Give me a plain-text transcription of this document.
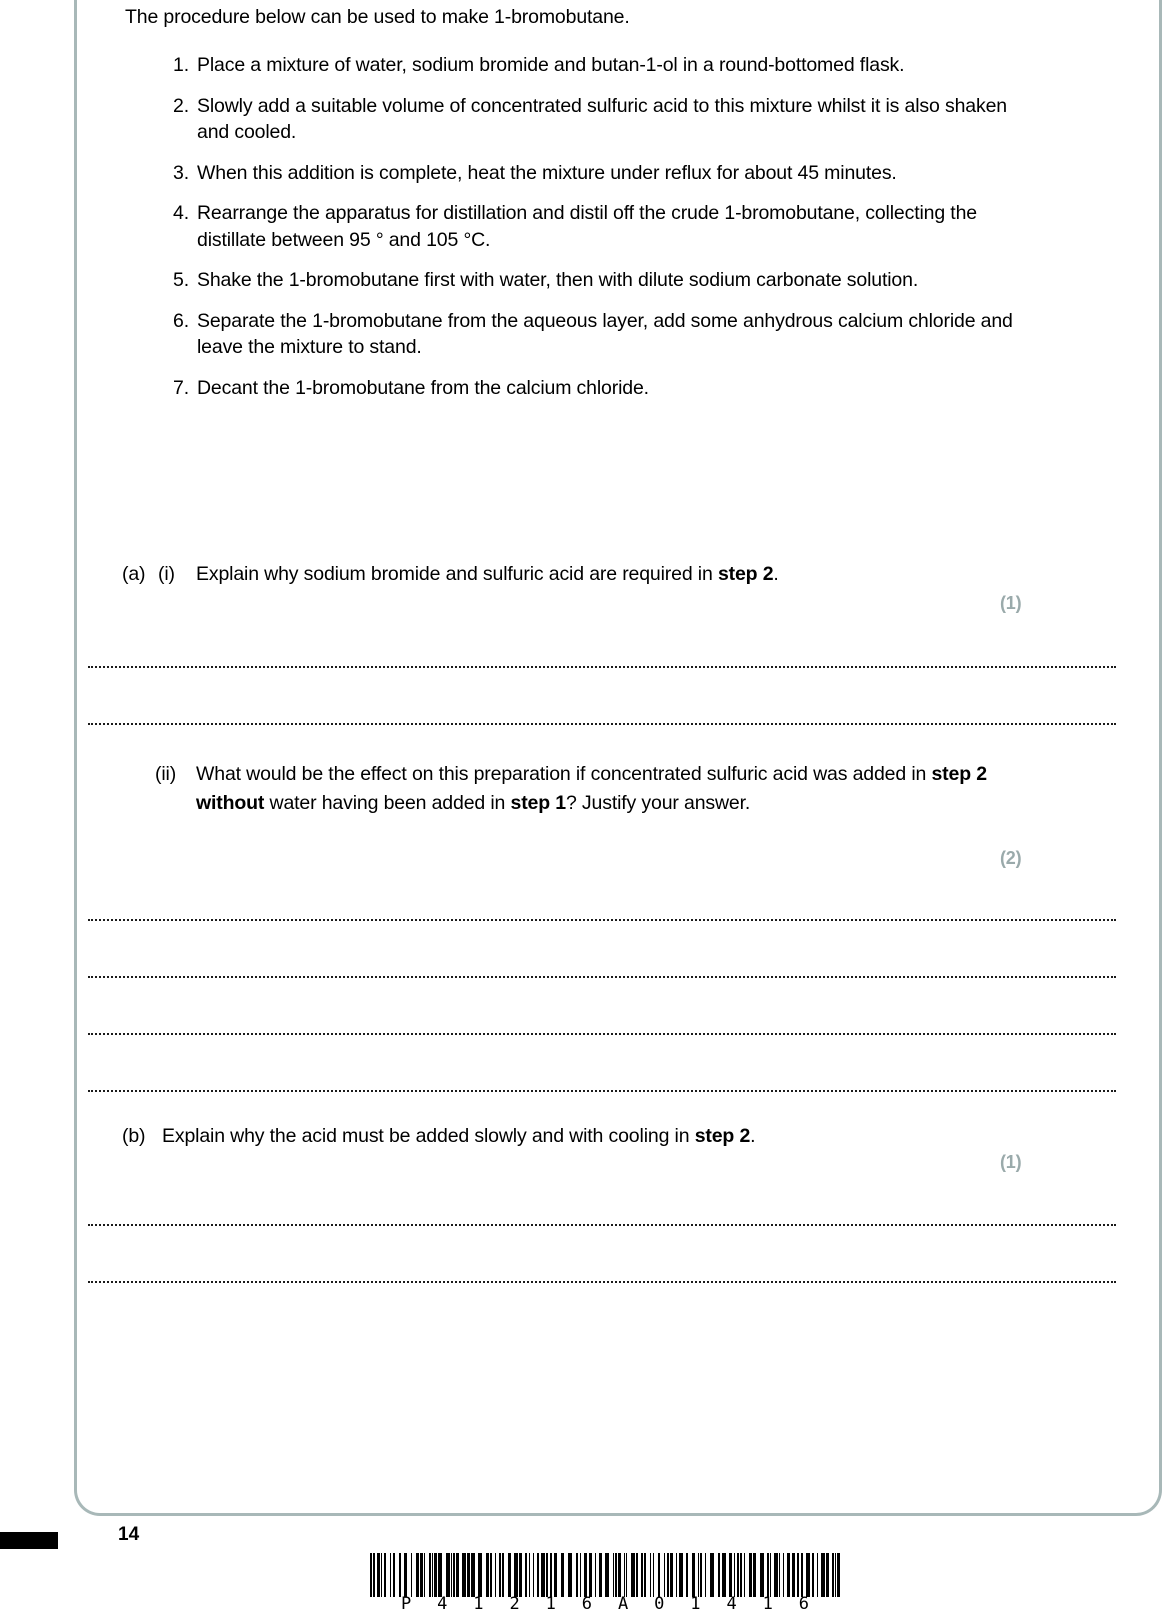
The procedure below can be used to make 1-bromobutane.
1. Place a mixture of water, sodium bromide and butan-1-ol in a round-bottomed flask.
2. Slowly add a suitable volume of concentrated sulfuric acid to this mixture whilst it is also shaken and cooled.
3. When this addition is complete, heat the mixture under reflux for about 45 minutes.
4. Rearrange the apparatus for distillation and distil off the crude 1-bromobutane, collecting the distillate between 95 ° and 105 °C.
5. Shake the 1-bromobutane first with water, then with dilute sodium carbonate solution.
6. Separate the 1-bromobutane from the aqueous layer, add some anhydrous calcium chloride and leave the mixture to stand.
7. Decant the 1-bromobutane from the calcium chloride.
(a) (i) Explain why sodium bromide and sulfuric acid are required in step 2.
(1)
(ii) What would be the effect on this preparation if concentrated sulfuric acid was added in step 2 without water having been added in step 1? Justify your answer.
(2)
(b) Explain why the acid must be added slowly and with cooling in step 2.
(1)
14
P 4 1 2 1 6 A 0 1 4 1 6
